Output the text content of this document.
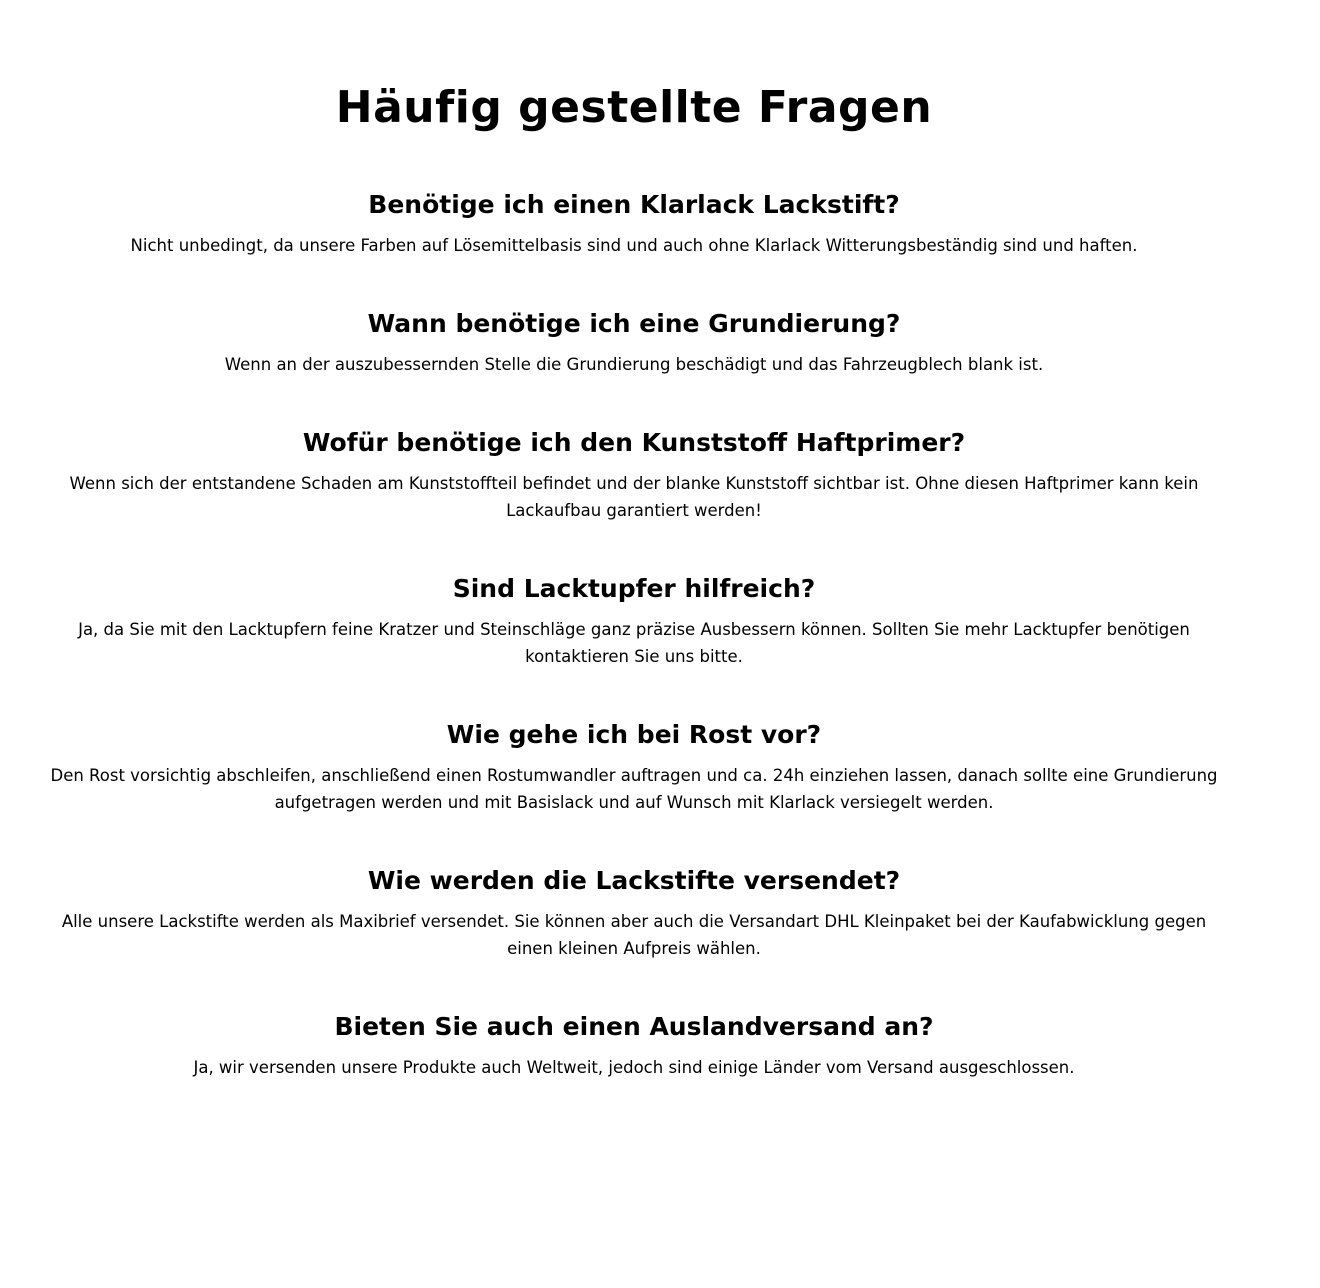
Häufig gestellte Fragen
Benötige ich einen Klarlack Lackstift?

Nicht unbedingt, da unsere Farben auf Lösemittelbasis sind und auch ohne Klarlack Witterungsbeständig sind und haften.

Wann benötige ich eine Grundierung?

Wenn an der auszubessernden Stelle die Grundierung beschädigt und das Fahrzeugblech blank ist.

Wofür benötige ich den Kunststoff Haftprimer?

Wenn sich der entstandene Schaden am Kunststoffteil befindet und der blanke Kunststoff sichtbar ist. Ohne diesen Haftprimer kann kein Lackaufbau garantiert werden!

Sind Lacktupfer hilfreich?

Ja, da Sie mit den Lacktupfern feine Kratzer und Steinschläge ganz präzise Ausbessern können. Sollten Sie mehr Lacktupfer benötigen kontaktieren Sie uns bitte.

Wie gehe ich bei Rost vor?

Den Rost vorsichtig abschleifen, anschließend einen Rostumwandler auftragen und ca. 24h einziehen lassen, danach sollte eine Grundierung aufgetragen werden und mit Basislack und auf Wunsch mit Klarlack versiegelt werden.

Wie werden die Lackstifte versendet?

Alle unsere Lackstifte werden als Maxibrief versendet. Sie können aber auch die Versandart DHL Kleinpaket bei der Kaufabwicklung gegen einen kleinen Aufpreis wählen.

Bieten Sie auch einen Auslandversand an?

Ja, wir versenden unsere Produkte auch Weltweit, jedoch sind einige Länder vom Versand ausgeschlossen.
